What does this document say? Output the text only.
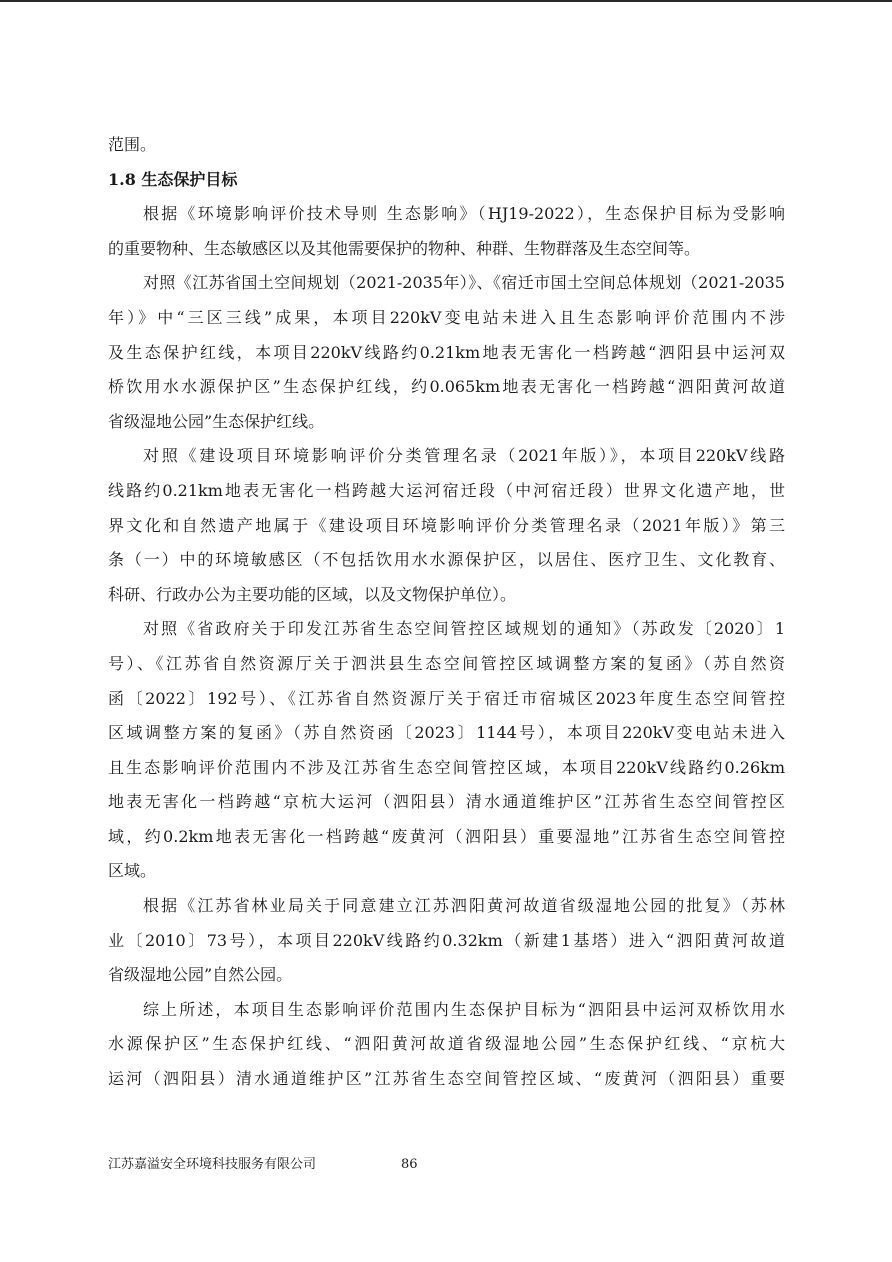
范围。
1.8 生态保护目标
根据《环境影响评价技术导则 生态影响》（HJ19-2022），生态保护目标为受影响
的重要物种、生态敏感区以及其他需要保护的物种、种群、生物群落及生态空间等。
对照《江苏省国土空间规划（2021-2035年）》、《宿迁市国土空间总体规划（2021-2035
年）》中“三区三线”成果，本项目220kV变电站未进入且生态影响评价范围内不涉
及生态保护红线，本项目220kV线路约0.21km地表无害化一档跨越“泗阳县中运河双
桥饮用水水源保护区”生态保护红线，约0.065km地表无害化一档跨越“泗阳黄河故道
省级湿地公园”生态保护红线。
对照《建设项目环境影响评价分类管理名录（2021年版）》，本项目220kV线路
线路约0.21km地表无害化一档跨越大运河宿迁段（中河宿迁段）世界文化遗产地，世
界文化和自然遗产地属于《建设项目环境影响评价分类管理名录（2021年版）》第三
条（一）中的环境敏感区（不包括饮用水水源保护区，以居住、医疗卫生、文化教育、
科研、行政办公为主要功能的区域，以及文物保护单位）。
对照《省政府关于印发江苏省生态空间管控区域规划的通知》（苏政发〔2020〕1
号）、《江苏省自然资源厅关于泗洪县生态空间管控区域调整方案的复函》（苏自然资
函〔2022〕192号）、《江苏省自然资源厅关于宿迁市宿城区2023年度生态空间管控
区域调整方案的复函》（苏自然资函〔2023〕1144号），本项目220kV变电站未进入
且生态影响评价范围内不涉及江苏省生态空间管控区域，本项目220kV线路约0.26km
地表无害化一档跨越“京杭大运河（泗阳县）清水通道维护区”江苏省生态空间管控区
域，约0.2km地表无害化一档跨越“废黄河（泗阳县）重要湿地”江苏省生态空间管控
区域。
根据《江苏省林业局关于同意建立江苏泗阳黄河故道省级湿地公园的批复》（苏林
业〔2010〕73号），本项目220kV线路约0.32km（新建1基塔）进入“泗阳黄河故道
省级湿地公园”自然公园。
综上所述，本项目生态影响评价范围内生态保护目标为“泗阳县中运河双桥饮用水
水源保护区”生态保护红线、“泗阳黄河故道省级湿地公园”生态保护红线、“京杭大
运河（泗阳县）清水通道维护区”江苏省生态空间管控区域、“废黄河（泗阳县）重要
江苏嘉溢安全环境科技服务有限公司	86
